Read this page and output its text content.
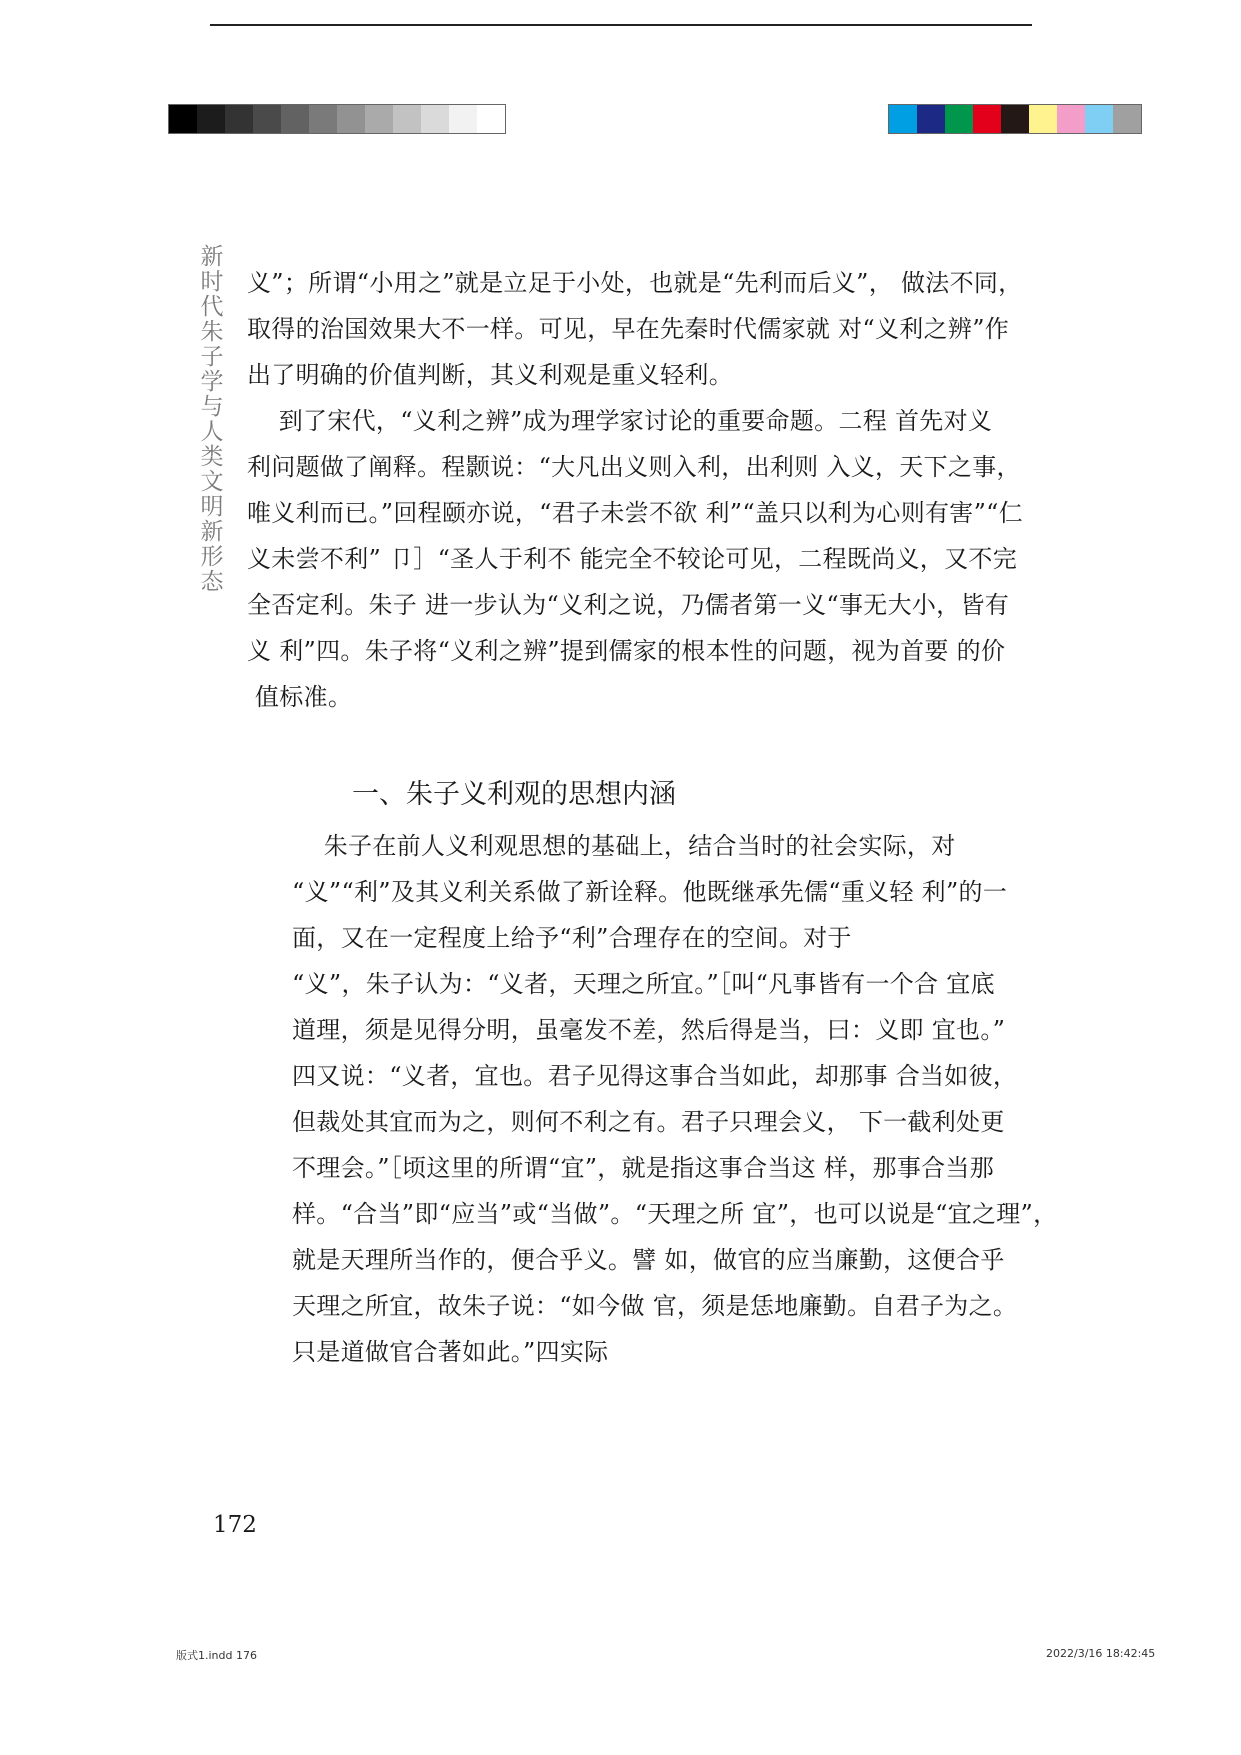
新时代朱子学与人类文明新形态
义”；所谓“小用之”就是立足于小处，也就是“先利而后义”， 做法不同，
取得的治国效果大不一样。可见，早在先秦时代儒家就 对“义利之辨”作
出了明确的价值判断，其义利观是重义轻利。
到了宋代，“义利之辨”成为理学家讨论的重要命题。二程 首先对义
利问题做了阐释。程颢说：“大凡出义则入利，出利则 入义，天下之事，
唯义利而已。”回程颐亦说，“君子未尝不欲 利”“盖只以利为心则有害”“仁
义未尝不利” 卩］“圣人于利不 能完全不较论可见，二程既尚义，又不完
全否定利。朱子 进一步认为“义利之说，乃儒者第一义“事无大小，皆有
义 利”四。朱子将“义利之辨”提到儒家的根本性的问题，视为首要 的价
值标准。
一、朱子义利观的思想内涵
朱子在前人义利观思想的基础上，结合当时的社会实际，对
“义”“利”及其义利关系做了新诠释。他既继承先儒“重义轻 利”的一
面，又在一定程度上给予“利”合理存在的空间。对于
“义”，朱子认为：“义者，天理之所宜。”［叫“凡事皆有一个合 宜底
道理，须是见得分明，虽毫发不差，然后得是当，曰：义即 宜也。”
四又说：“义者，宜也。君子见得这事合当如此，却那事 合当如彼，
但裁处其宜而为之，则何不利之有。君子只理会义， 下一截利处更
不理会。”［顷这里的所谓“宜”，就是指这事合当这 样，那事合当那
样。“合当”即“应当”或“当做”。“天理之所 宜”，也可以说是“宜之理”，
就是天理所当作的，便合乎义。譬 如，做官的应当廉勤，这便合乎
天理之所宜，故朱子说：“如今做 官，须是恁地廉勤。自君子为之。
只是道做官合著如此。”四实际
172
版式1.indd 176	2022/3/16 18:42:45
